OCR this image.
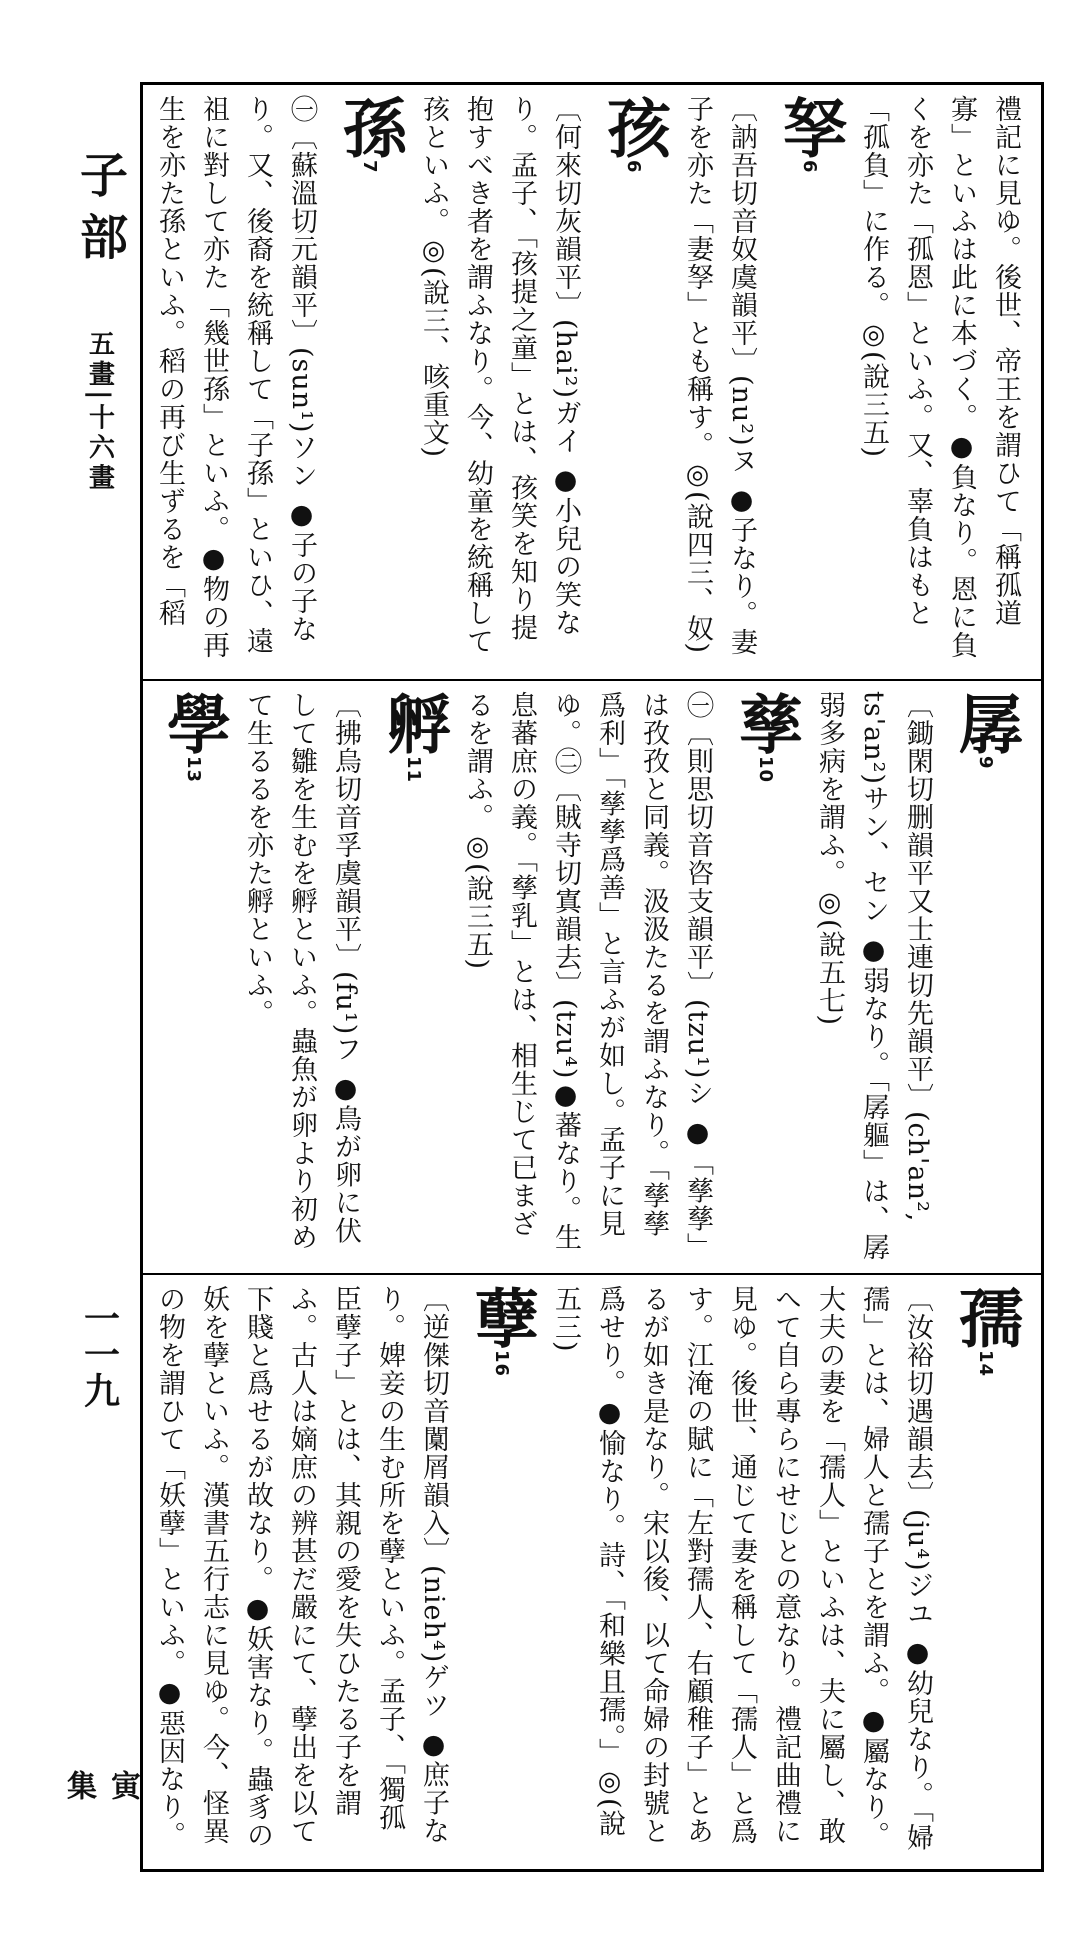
子部
五畫|十六畫
一一九
寅集
禮記に見ゆ。後世、帝王を謂ひて「稱孤道寡」といふは此に本づく。●負なり。恩に負くを亦た「孤恩」といふ。又、辜負はもと「孤負」に作る。◎(說三五)
孥$^6$
〔訥吾切音奴虞韻平〕(nu²)ヌ ●子なり。妻子を亦た「妻孥」とも稱す。◎(說四三、奴)
孩$^6$
〔何來切灰韻平〕(hai²)ガイ ●小兒の笑なり。孟子、「孩提之童」とは、孩笑を知り提抱すべき者を謂ふなり。今、幼童を統稱して孩といふ。◎(說三、咳重文)
孫$^7$
㊀〔蘇溫切元韻平〕(sun¹)ソン ●子の子なり。又、後裔を統稱して「子孫」といひ、遠祖に對して亦た「幾世孫」といふ。●物の再生を亦た孫といふ。稻の再び生ずるを「稻
孱$^9$
〔鋤閑切删韻平又士連切先韻平〕(ch'an², ts'an²)サン、セン ●弱なり。「孱軀」は、孱弱多病を謂ふ。◎(說五七)
孳$^{10}$
㊀〔則思切音咨支韻平〕(tzu¹)シ ●「孳孳」は孜孜と同義。汲汲たるを謂ふなり。「孳孳爲利」「孳孳爲善」と言ふが如し。孟子に見ゆ。㊁〔賊寺切寘韻去〕(tzu⁴)●蕃なり。生息蕃庶の義。「孳乳」とは、相生じて已まざるを謂ふ。◎(說三五)
孵$^{11}$
〔拂烏切音孚虞韻平〕(fu¹)フ ●鳥が卵に伏して雛を生むを孵といふ。蟲魚が卵より初めて生るるを亦た孵といふ。
學$^{13}$
孺$^{14}$
〔汝裕切遇韻去〕(ju⁴)ジユ ●幼兒なり。「婦孺」とは、婦人と孺子とを謂ふ。●屬なり。大夫の妻を「孺人」といふは、夫に屬し、敢へて自ら專らにせじとの意なり。禮記曲禮に見ゆ。後世、通じて妻を稱して「孺人」と爲す。江淹の賦に「左對孺人、右顧稚子」とあるが如き是なり。宋以後、以て命婦の封號と爲せり。●愉なり。詩、「和樂且孺。」◎(說五三)
孽$^{16}$
〔逆傑切音闑屑韻入〕(nieh⁴)ゲツ ●庶子なり。婢妾の生む所を孽といふ。孟子、「獨孤臣孽子」とは、其親の愛を失ひたる子を謂ふ。古人は嫡庶の辨甚だ嚴にて、孽出を以て下賤と爲せるが故なり。●妖害なり。蟲豸の妖を孽といふ。漢書五行志に見ゆ。今、怪異の物を謂ひて「妖孽」といふ。●惡因なり。
